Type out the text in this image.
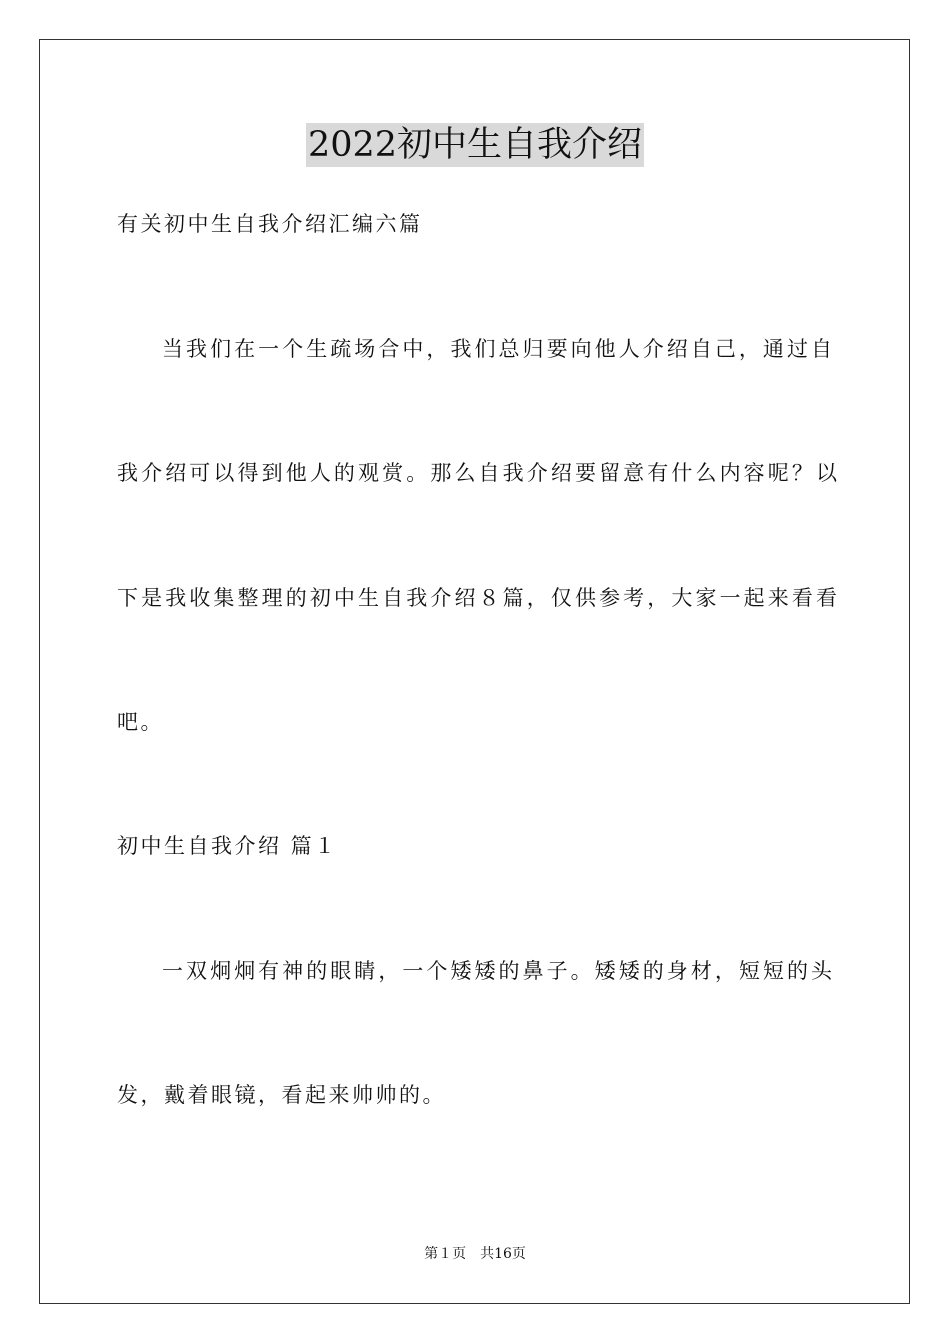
2022初中生自我介绍
有关初中生自我介绍汇编六篇
当我们在一个生疏场合中，我们总归要向他人介绍自己，通过自
我介绍可以得到他人的观赏。那么自我介绍要留意有什么内容呢？以
下是我收集整理的初中生自我介绍８篇，仅供参考，大家一起来看看
吧。
初中生自我介绍 篇１
一双炯炯有神的眼睛，一个矮矮的鼻子。矮矮的身材，短短的头
发，戴着眼镜，看起来帅帅的。
第１页 共16页
